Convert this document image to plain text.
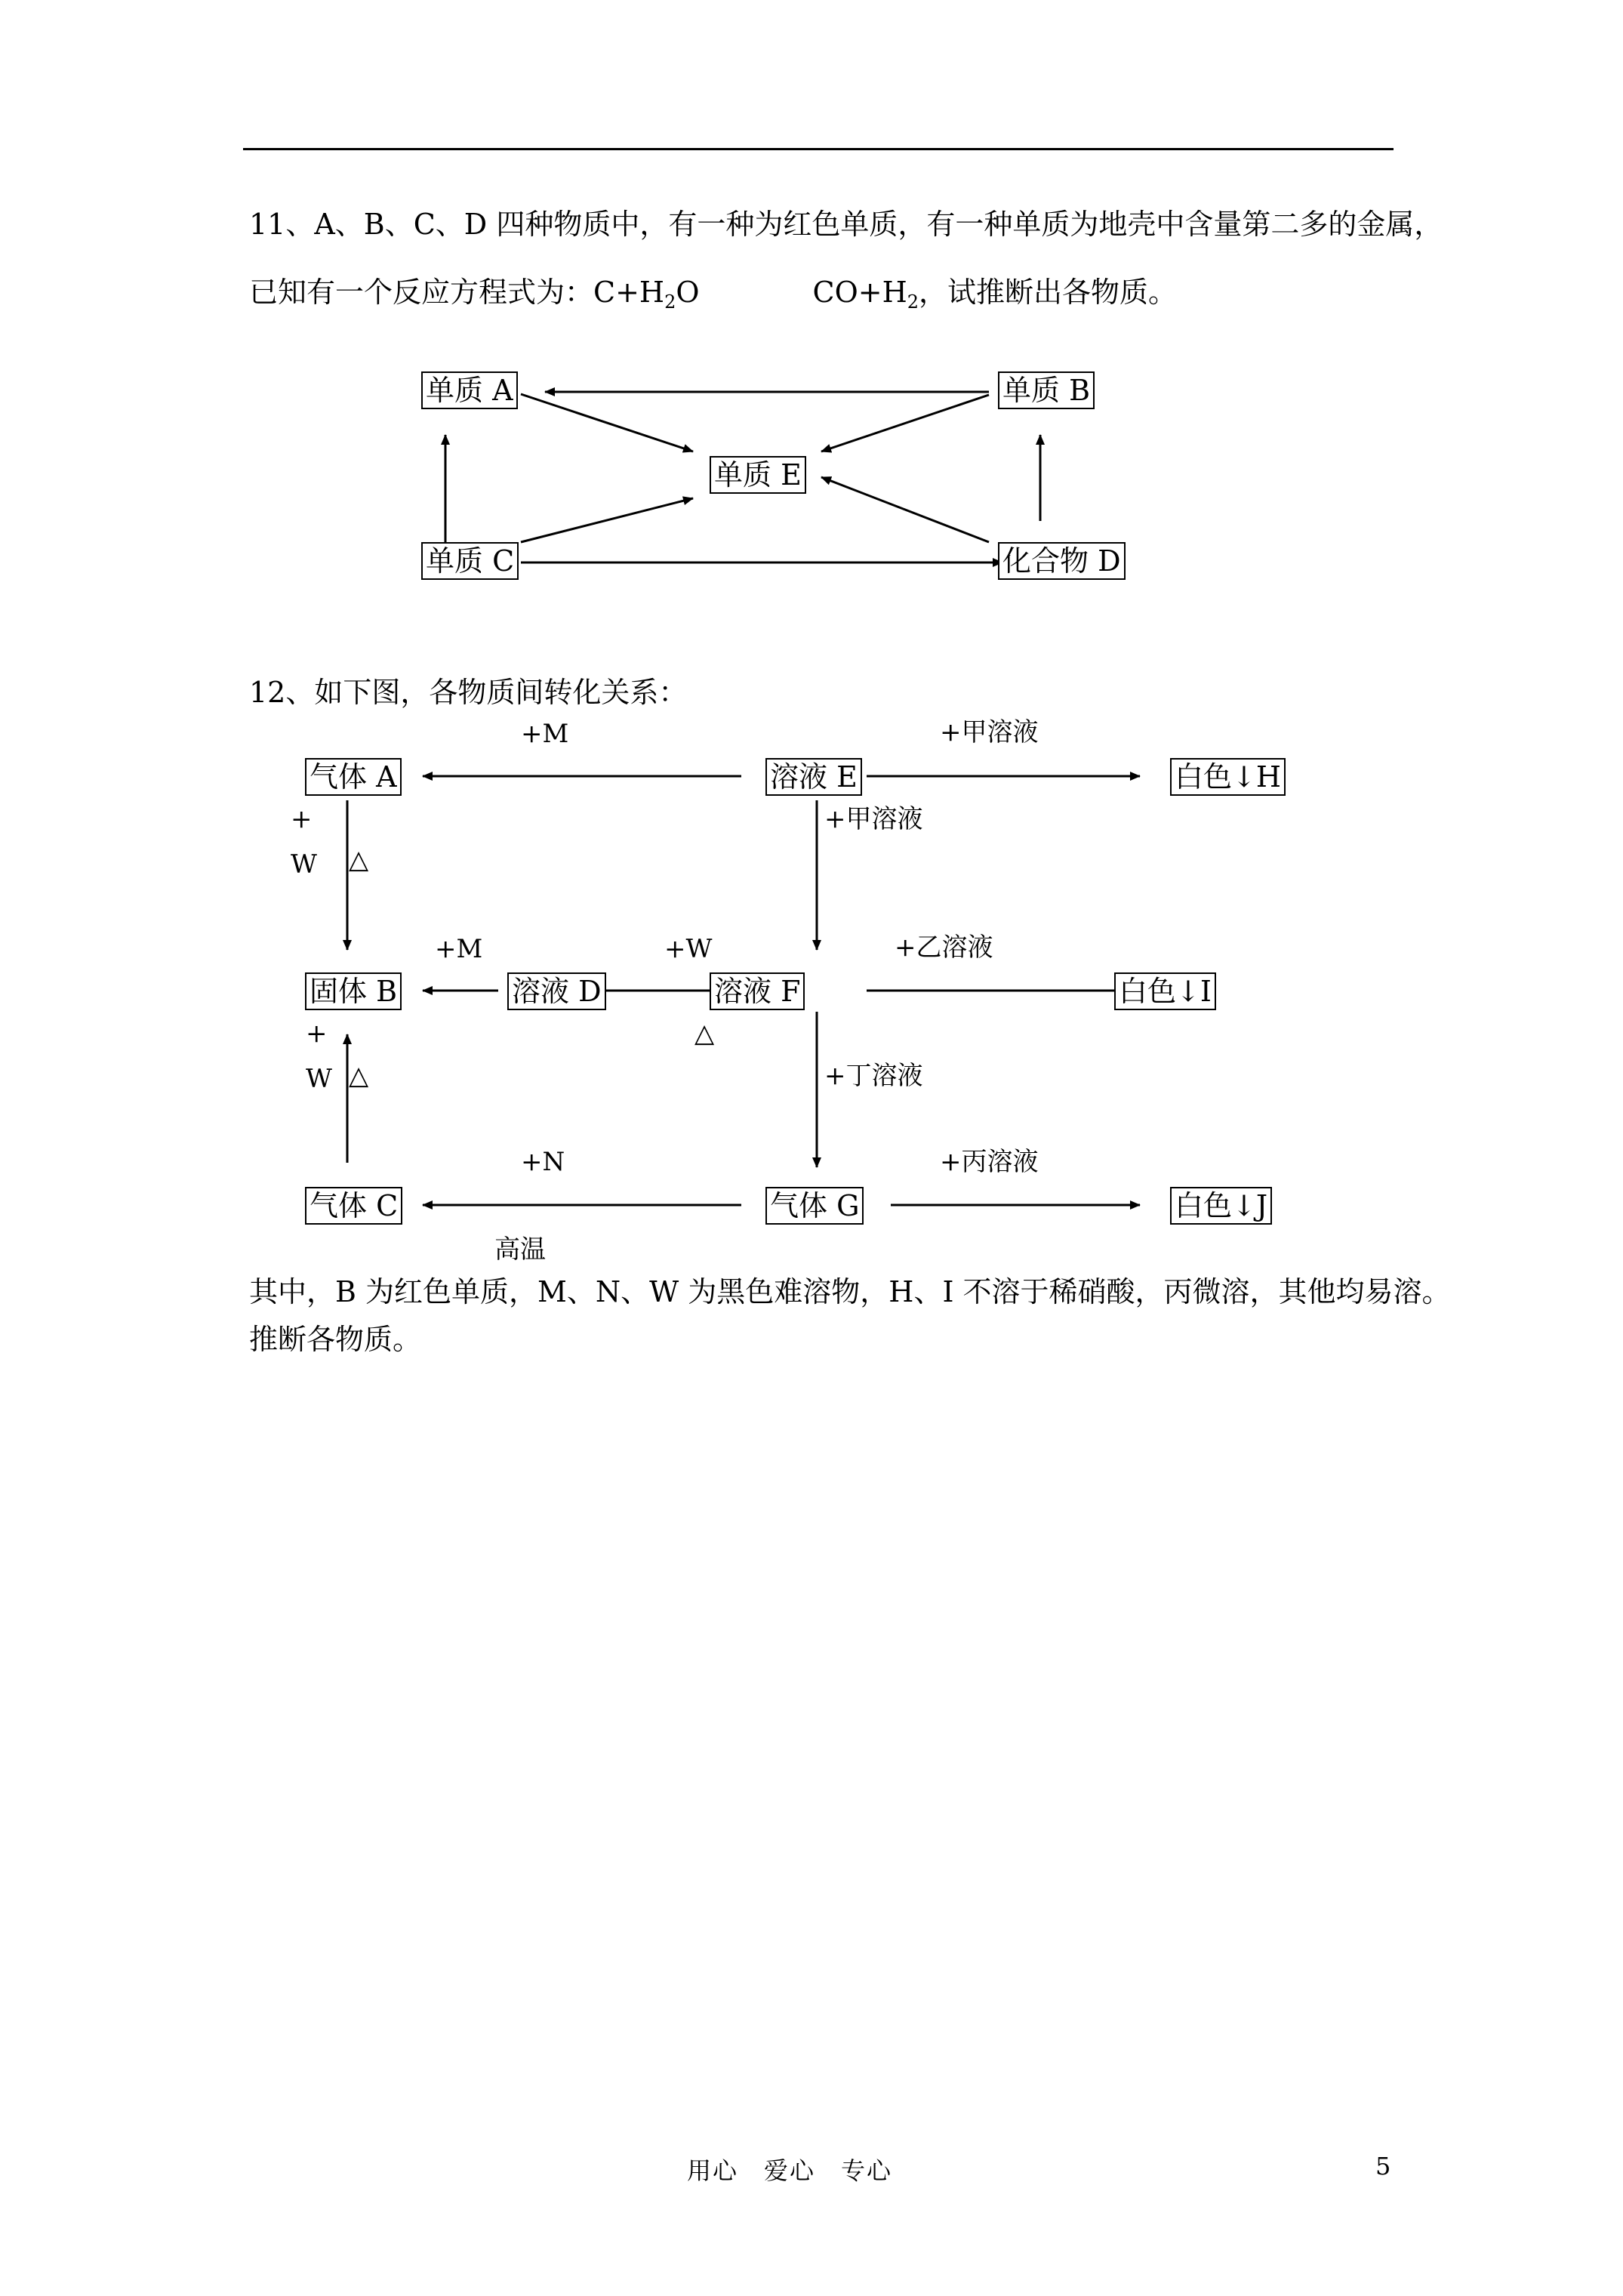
11、A、B、C、D 四种物质中，有一种为红色单质，有一种单质为地壳中含量第二多的金属，
已知有一个反应方程式为：$C+H_2O$	$CO+H_2$，试推断出各物质。
单质 A	单质 B
单质 E
单质 C	化合物 D
12、如下图，各物质间转化关系：
+M	+甲溶液
+甲溶液
+
W △
+M	+W	+乙溶液
△
+
W △	+丁溶液
+N	+丙溶液
高温
气体 A	溶液 E	白色↓H
固体 B	溶液 D	溶液 F	白色↓I
气体 C	气体 G	白色↓J
其中，B 为红色单质，M、N、W 为黑色难溶物，H、I 不溶于稀硝酸，丙微溶，其他均易溶。
推断各物质。
用心　爱心　专心	5
